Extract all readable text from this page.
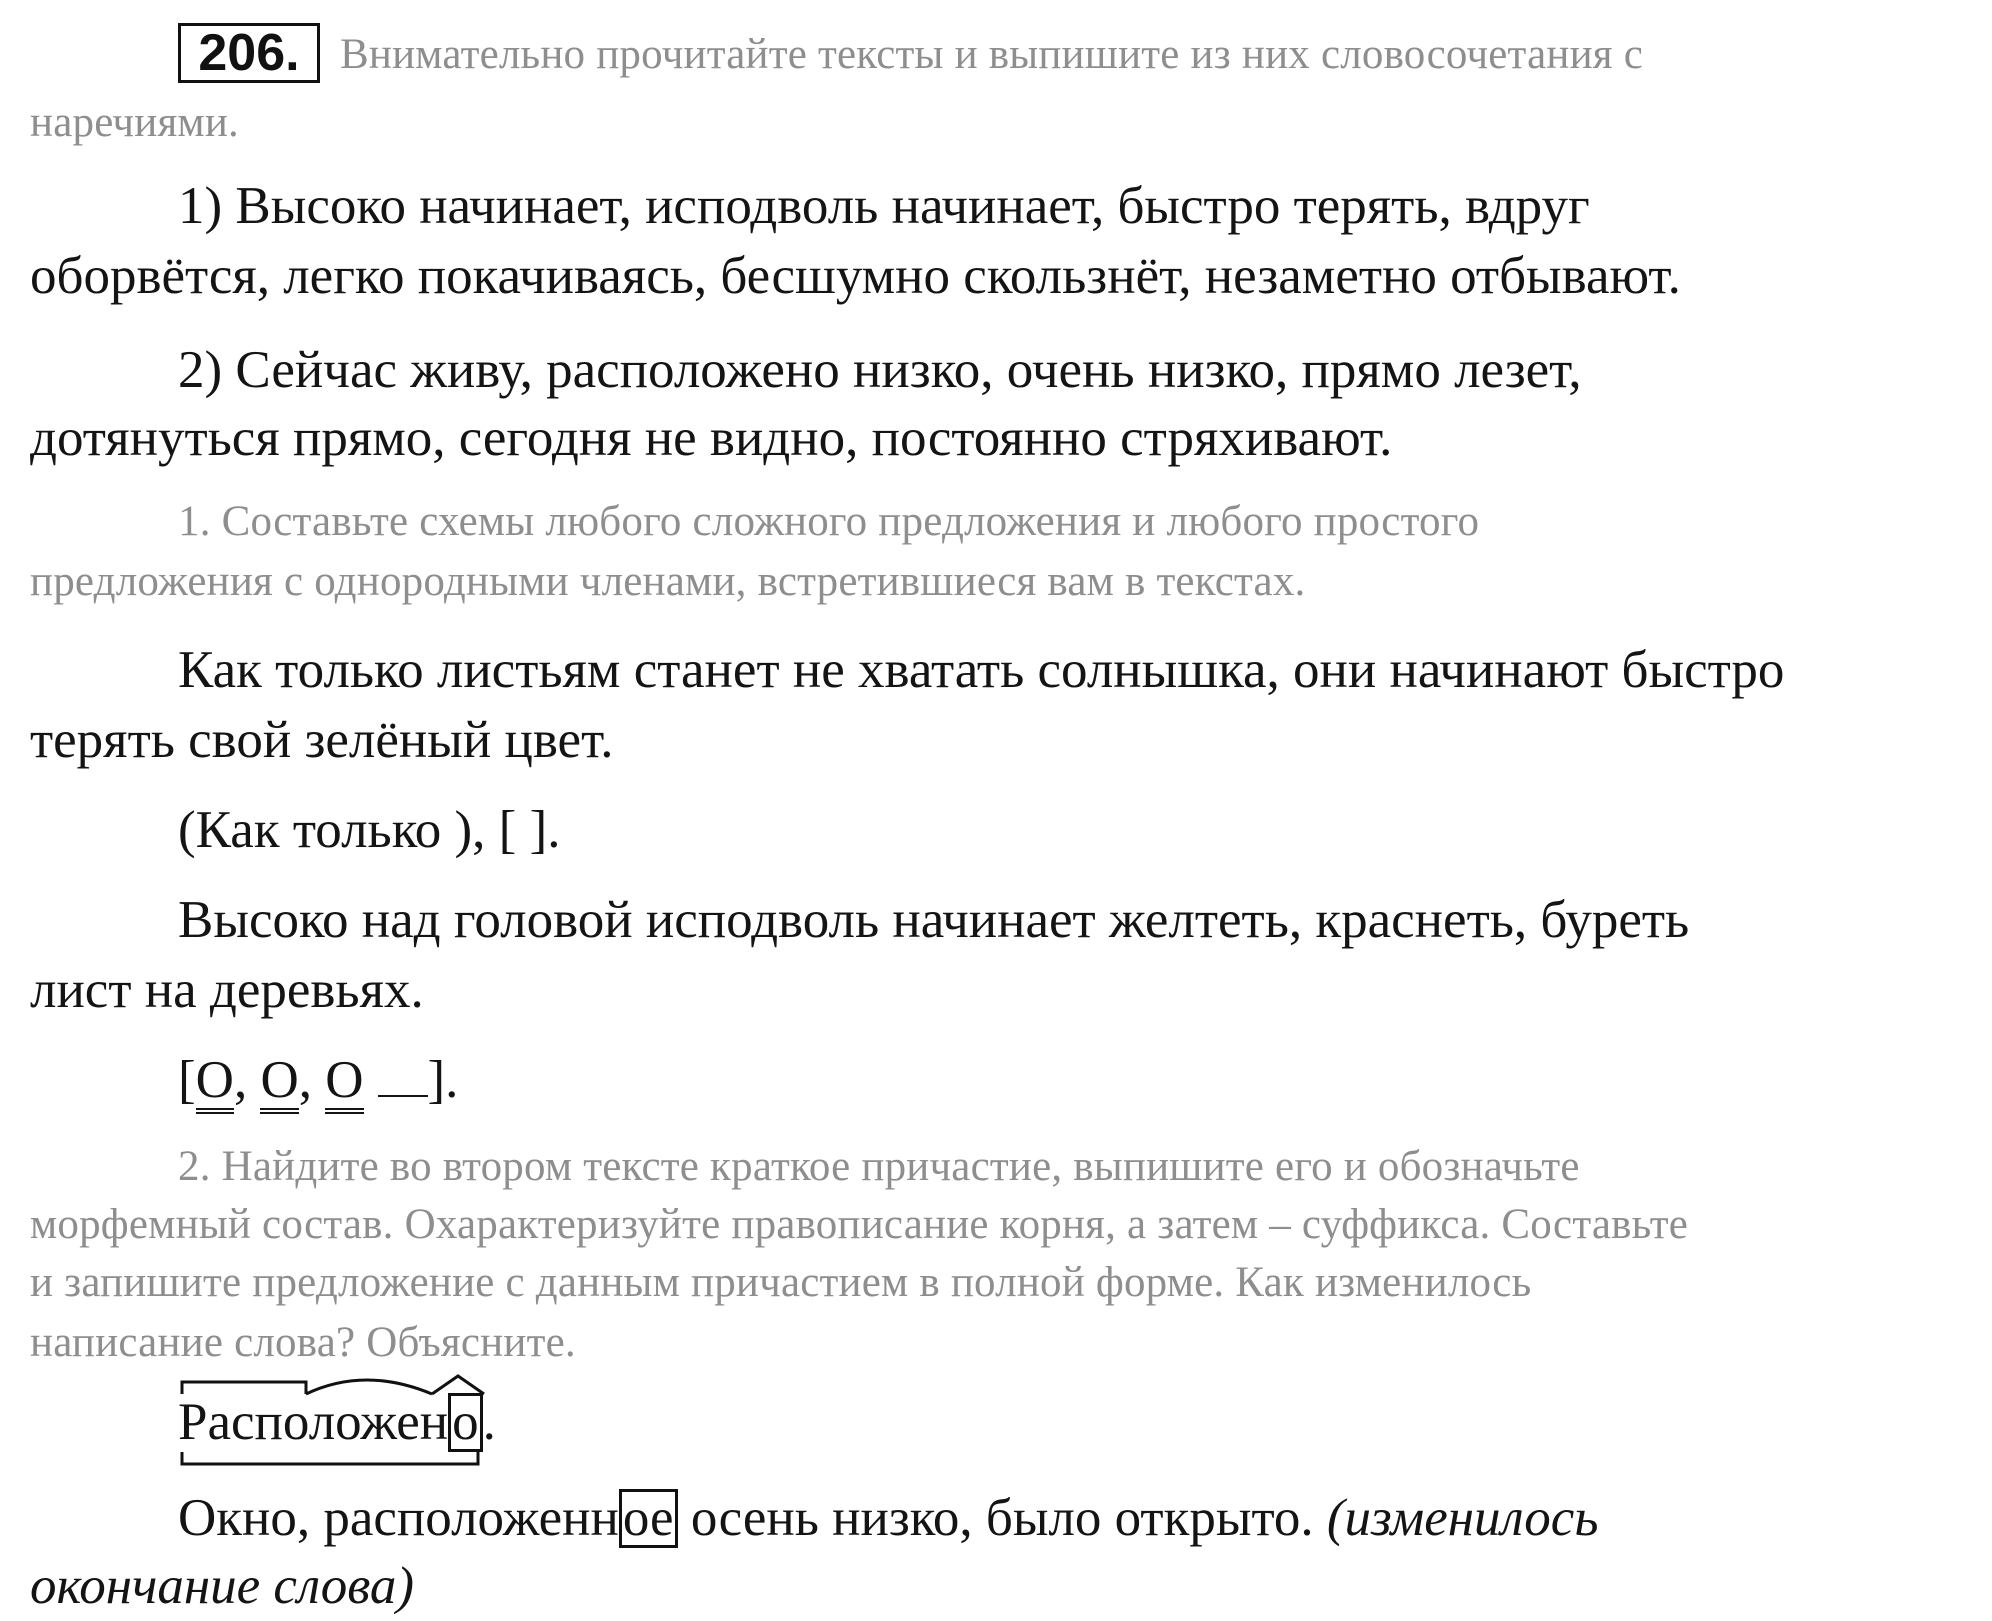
206. Внимательно прочитайте тексты и выпишите из них словосочетания с

наречиями.

1) Высоко начинает, исподволь начинает, быстро терять, вдруг

оборвётся, легко покачиваясь, бесшумно скользнёт, незаметно отбывают.

2) Сейчас живу, расположено низко, очень низко, прямо лезет,

дотянуться прямо, сегодня не видно, постоянно стряхивают.

1. Составьте схемы любого сложного предложения и любого простого

предложения с однородными членами, встретившиеся вам в текстах.

Как только листьям станет не хватать солнышка, они начинают быстро

терять свой зелёный цвет.

(Как только ), [ ].

Высоко над головой исподволь начинает желтеть, краснеть, буреть

лист на деревьях.

[О, О, О ].

2. Найдите во втором тексте краткое причастие, выпишите его и обозначьте

морфемный состав. Охарактеризуйте правописание корня, а затем – суффикса. Составьте

и запишите предложение с данным причастием в полной форме. Как изменилось

написание слова? Объясните.

Расположено.

Окно, расположенное осень низко, было открыто. (изменилось

окончание слова)
